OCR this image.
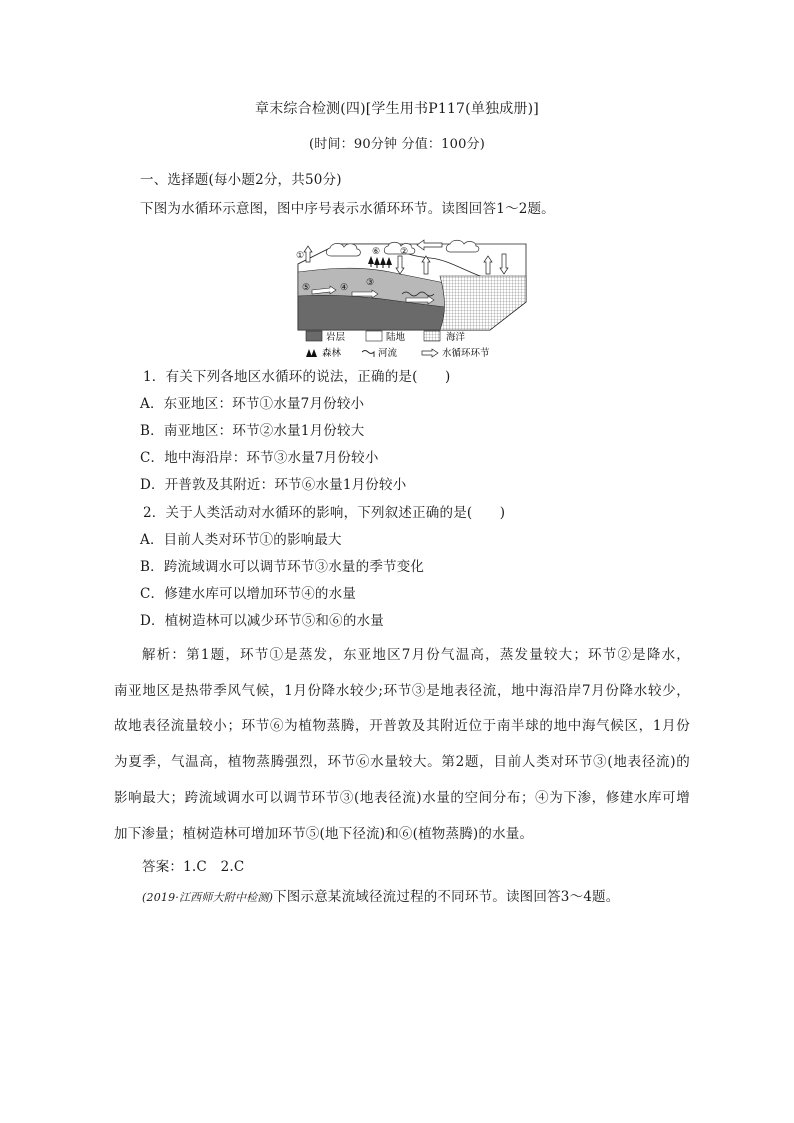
章末综合检测(四)[学生用书P117(单独成册)]
(时间：90分钟 分值：100分)
一、选择题(每小题2分，共50分)
下图为水循环示意图，图中序号表示水循环环节。读图回答1～2题。
①	⑥ ②
③
④
⑤
岩层	陆地	海洋
森林	河流	水循环环节
1．有关下列各地区水循环的说法，正确的是(　　)
A．东亚地区：环节①水量7月份较小
B．南亚地区：环节②水量1月份较大
C．地中海沿岸：环节③水量7月份较小
D．开普敦及其附近：环节⑥水量1月份较小
2．关于人类活动对水循环的影响，下列叙述正确的是(　　)
A．目前人类对环节①的影响最大
B．跨流域调水可以调节环节③水量的季节变化
C．修建水库可以增加环节④的水量
D．植树造林可以减少环节⑤和⑥的水量
解析：第1题，环节①是蒸发，东亚地区7月份气温高，蒸发量较大；环节②是降水，
南亚地区是热带季风气候，1月份降水较少;环节③是地表径流，地中海沿岸7月份降水较少，
故地表径流量较小；环节⑥为植物蒸腾，开普敦及其附近位于南半球的地中海气候区，1月份
为夏季，气温高，植物蒸腾强烈，环节⑥水量较大。第2题，目前人类对环节③(地表径流)的
影响最大；跨流域调水可以调节环节③(地表径流)水量的空间分布；④为下渗，修建水库可增
加下渗量；植树造林可增加环节⑤(地下径流)和⑥(植物蒸腾)的水量。
答案：1.C　2.C
(2019·江西师大附中检测)下图示意某流域径流过程的不同环节。读图回答3～4题。
